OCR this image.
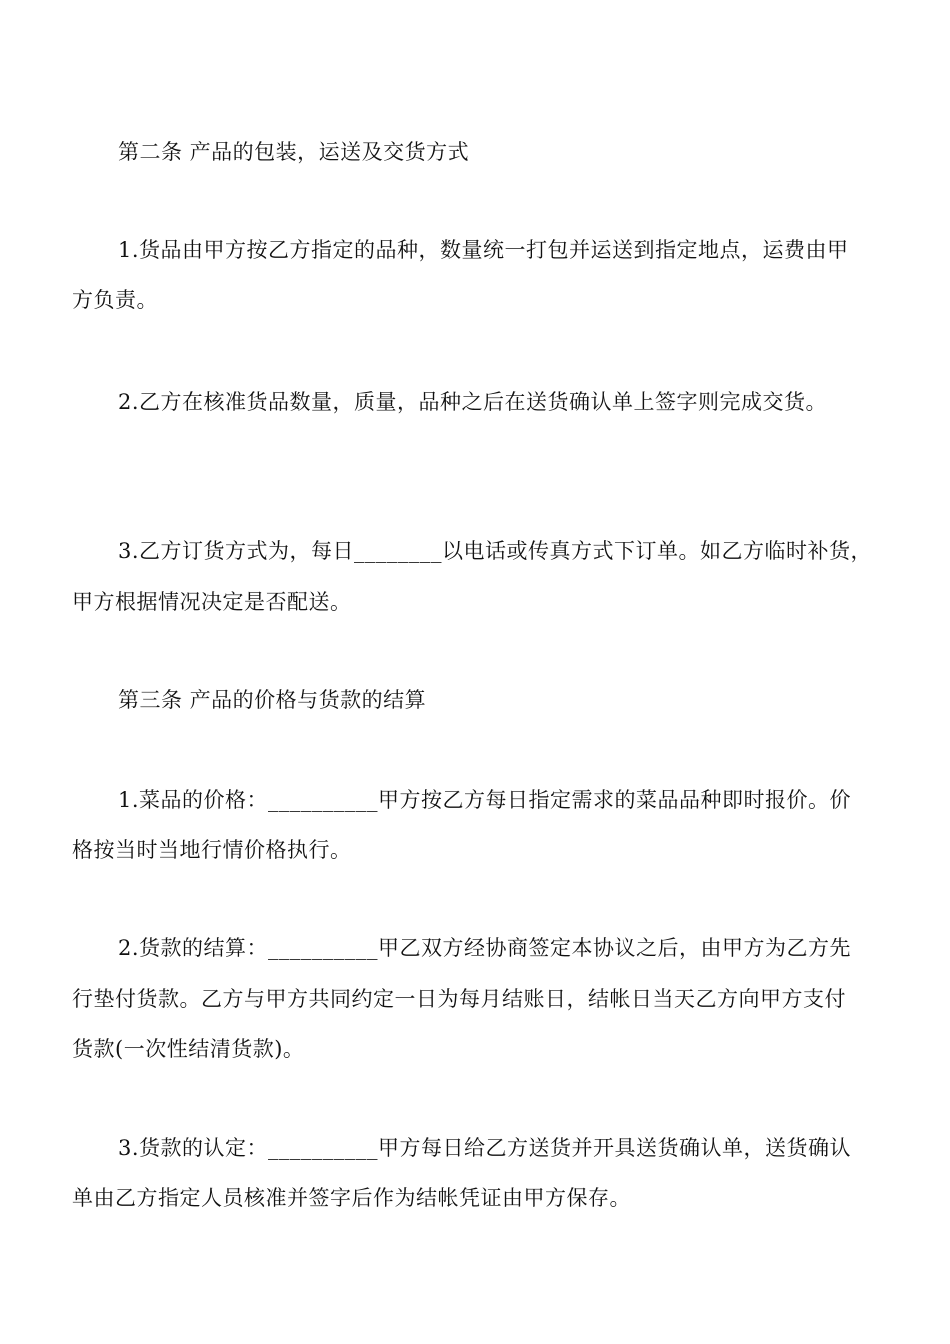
第二条 产品的包装，运送及交货方式
1.货品由甲方按乙方指定的品种，数量统一打包并运送到指定地点，运费由甲
方负责。
2.乙方在核准货品数量，质量，品种之后在送货确认单上签字则完成交货。
3.乙方订货方式为，每日________以电话或传真方式下订单。如乙方临时补货，
甲方根据情况决定是否配送。
第三条 产品的价格与货款的结算
1.菜品的价格：__________甲方按乙方每日指定需求的菜品品种即时报价。价
格按当时当地行情价格执行。
2.货款的结算：__________甲乙双方经协商签定本协议之后，由甲方为乙方先
行垫付货款。乙方与甲方共同约定一日为每月结账日，结帐日当天乙方向甲方支付
货款(一次性结清货款)。
3.货款的认定：__________甲方每日给乙方送货并开具送货确认单，送货确认
单由乙方指定人员核准并签字后作为结帐凭证由甲方保存。
